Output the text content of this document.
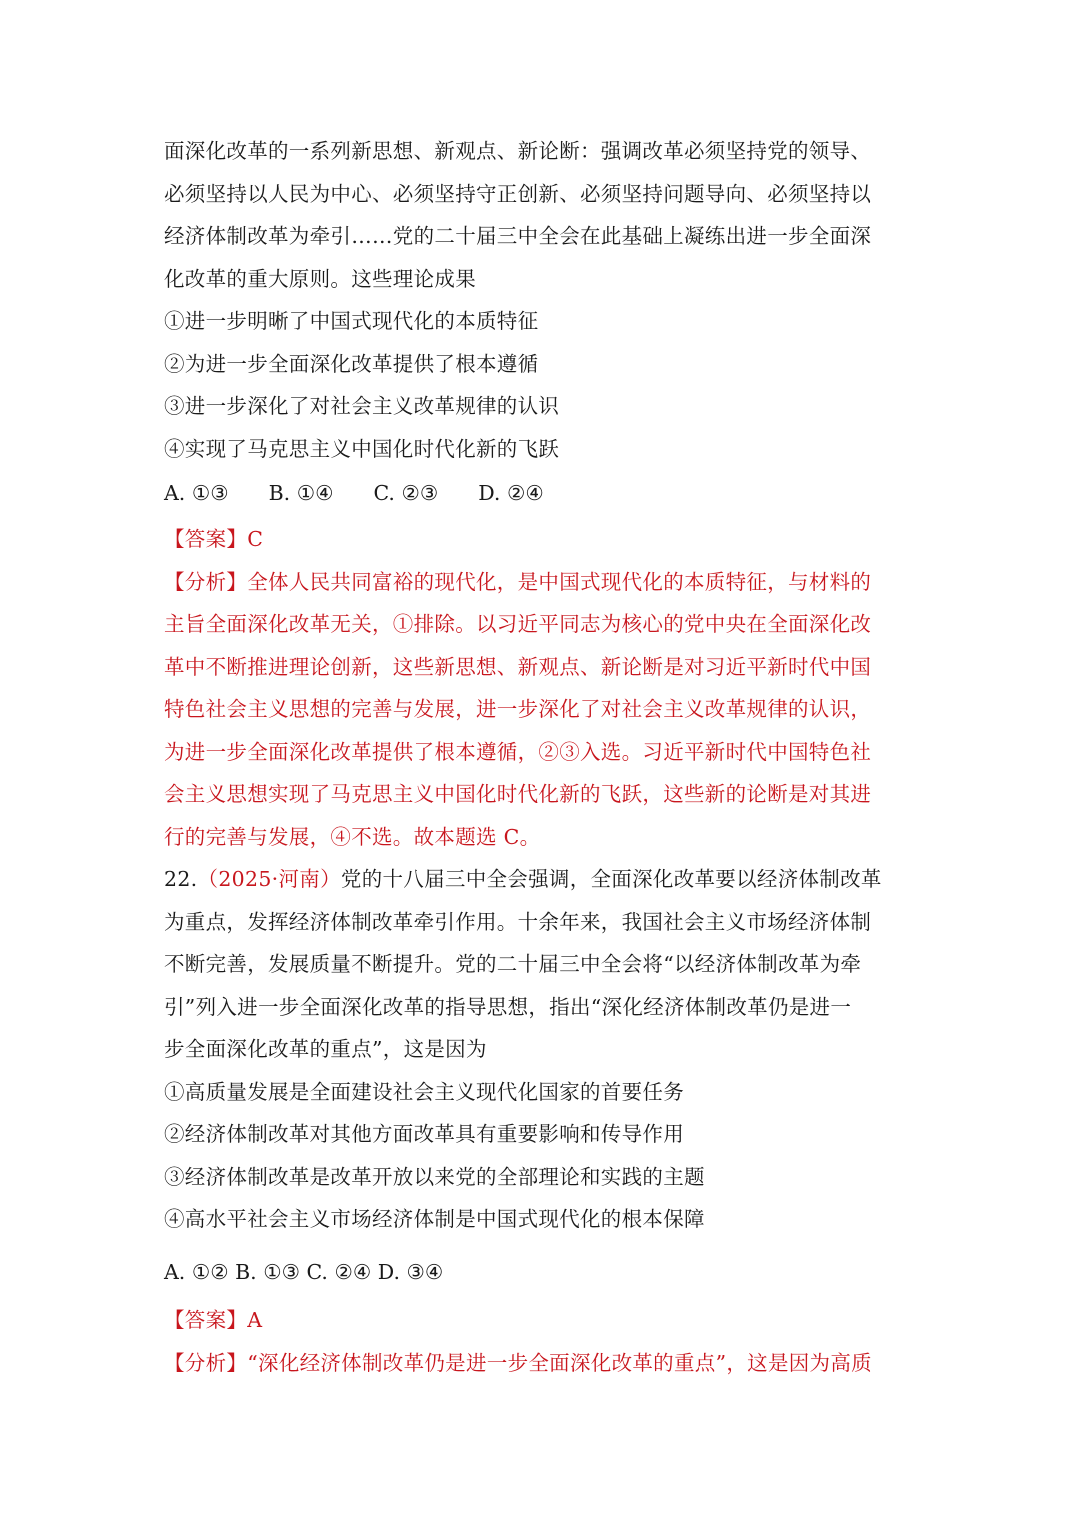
面深化改革的一系列新思想、新观点、新论断：强调改革必须坚持党的领导、
必须坚持以人民为中心、必须坚持守正创新、必须坚持问题导向、必须坚持以
经济体制改革为牵引……党的二十届三中全会在此基础上凝练出进一步全面深
化改革的重大原则。这些理论成果
①进一步明晰了中国式现代化的本质特征
②为进一步全面深化改革提供了根本遵循
③进一步深化了对社会主义改革规律的认识
④实现了马克思主义中国化时代化新的飞跃
A. ①③ B. ①④ C. ②③ D. ②④
【答案】C
【分析】全体人民共同富裕的现代化，是中国式现代化的本质特征，与材料的
主旨全面深化改革无关，①排除。以习近平同志为核心的党中央在全面深化改
革中不断推进理论创新，这些新思想、新观点、新论断是对习近平新时代中国
特色社会主义思想的完善与发展，进一步深化了对社会主义改革规律的认识，
为进一步全面深化改革提供了根本遵循，②③入选。习近平新时代中国特色社
会主义思想实现了马克思主义中国化时代化新的飞跃，这些新的论断是对其进
行的完善与发展，④不选。故本题选 C。
22.（2025·河南）党的十八届三中全会强调，全面深化改革要以经济体制改革
为重点，发挥经济体制改革牵引作用。十余年来，我国社会主义市场经济体制
不断完善，发展质量不断提升。党的二十届三中全会将“以经济体制改革为牵
引”列入进一步全面深化改革的指导思想，指出“深化经济体制改革仍是进一
步全面深化改革的重点”，这是因为
①高质量发展是全面建设社会主义现代化国家的首要任务
②经济体制改革对其他方面改革具有重要影响和传导作用
③经济体制改革是改革开放以来党的全部理论和实践的主题
④高水平社会主义市场经济体制是中国式现代化的根本保障
A. ①② B. ①③ C. ②④ D. ③④
【答案】A
【分析】“深化经济体制改革仍是进一步全面深化改革的重点”，这是因为高质
